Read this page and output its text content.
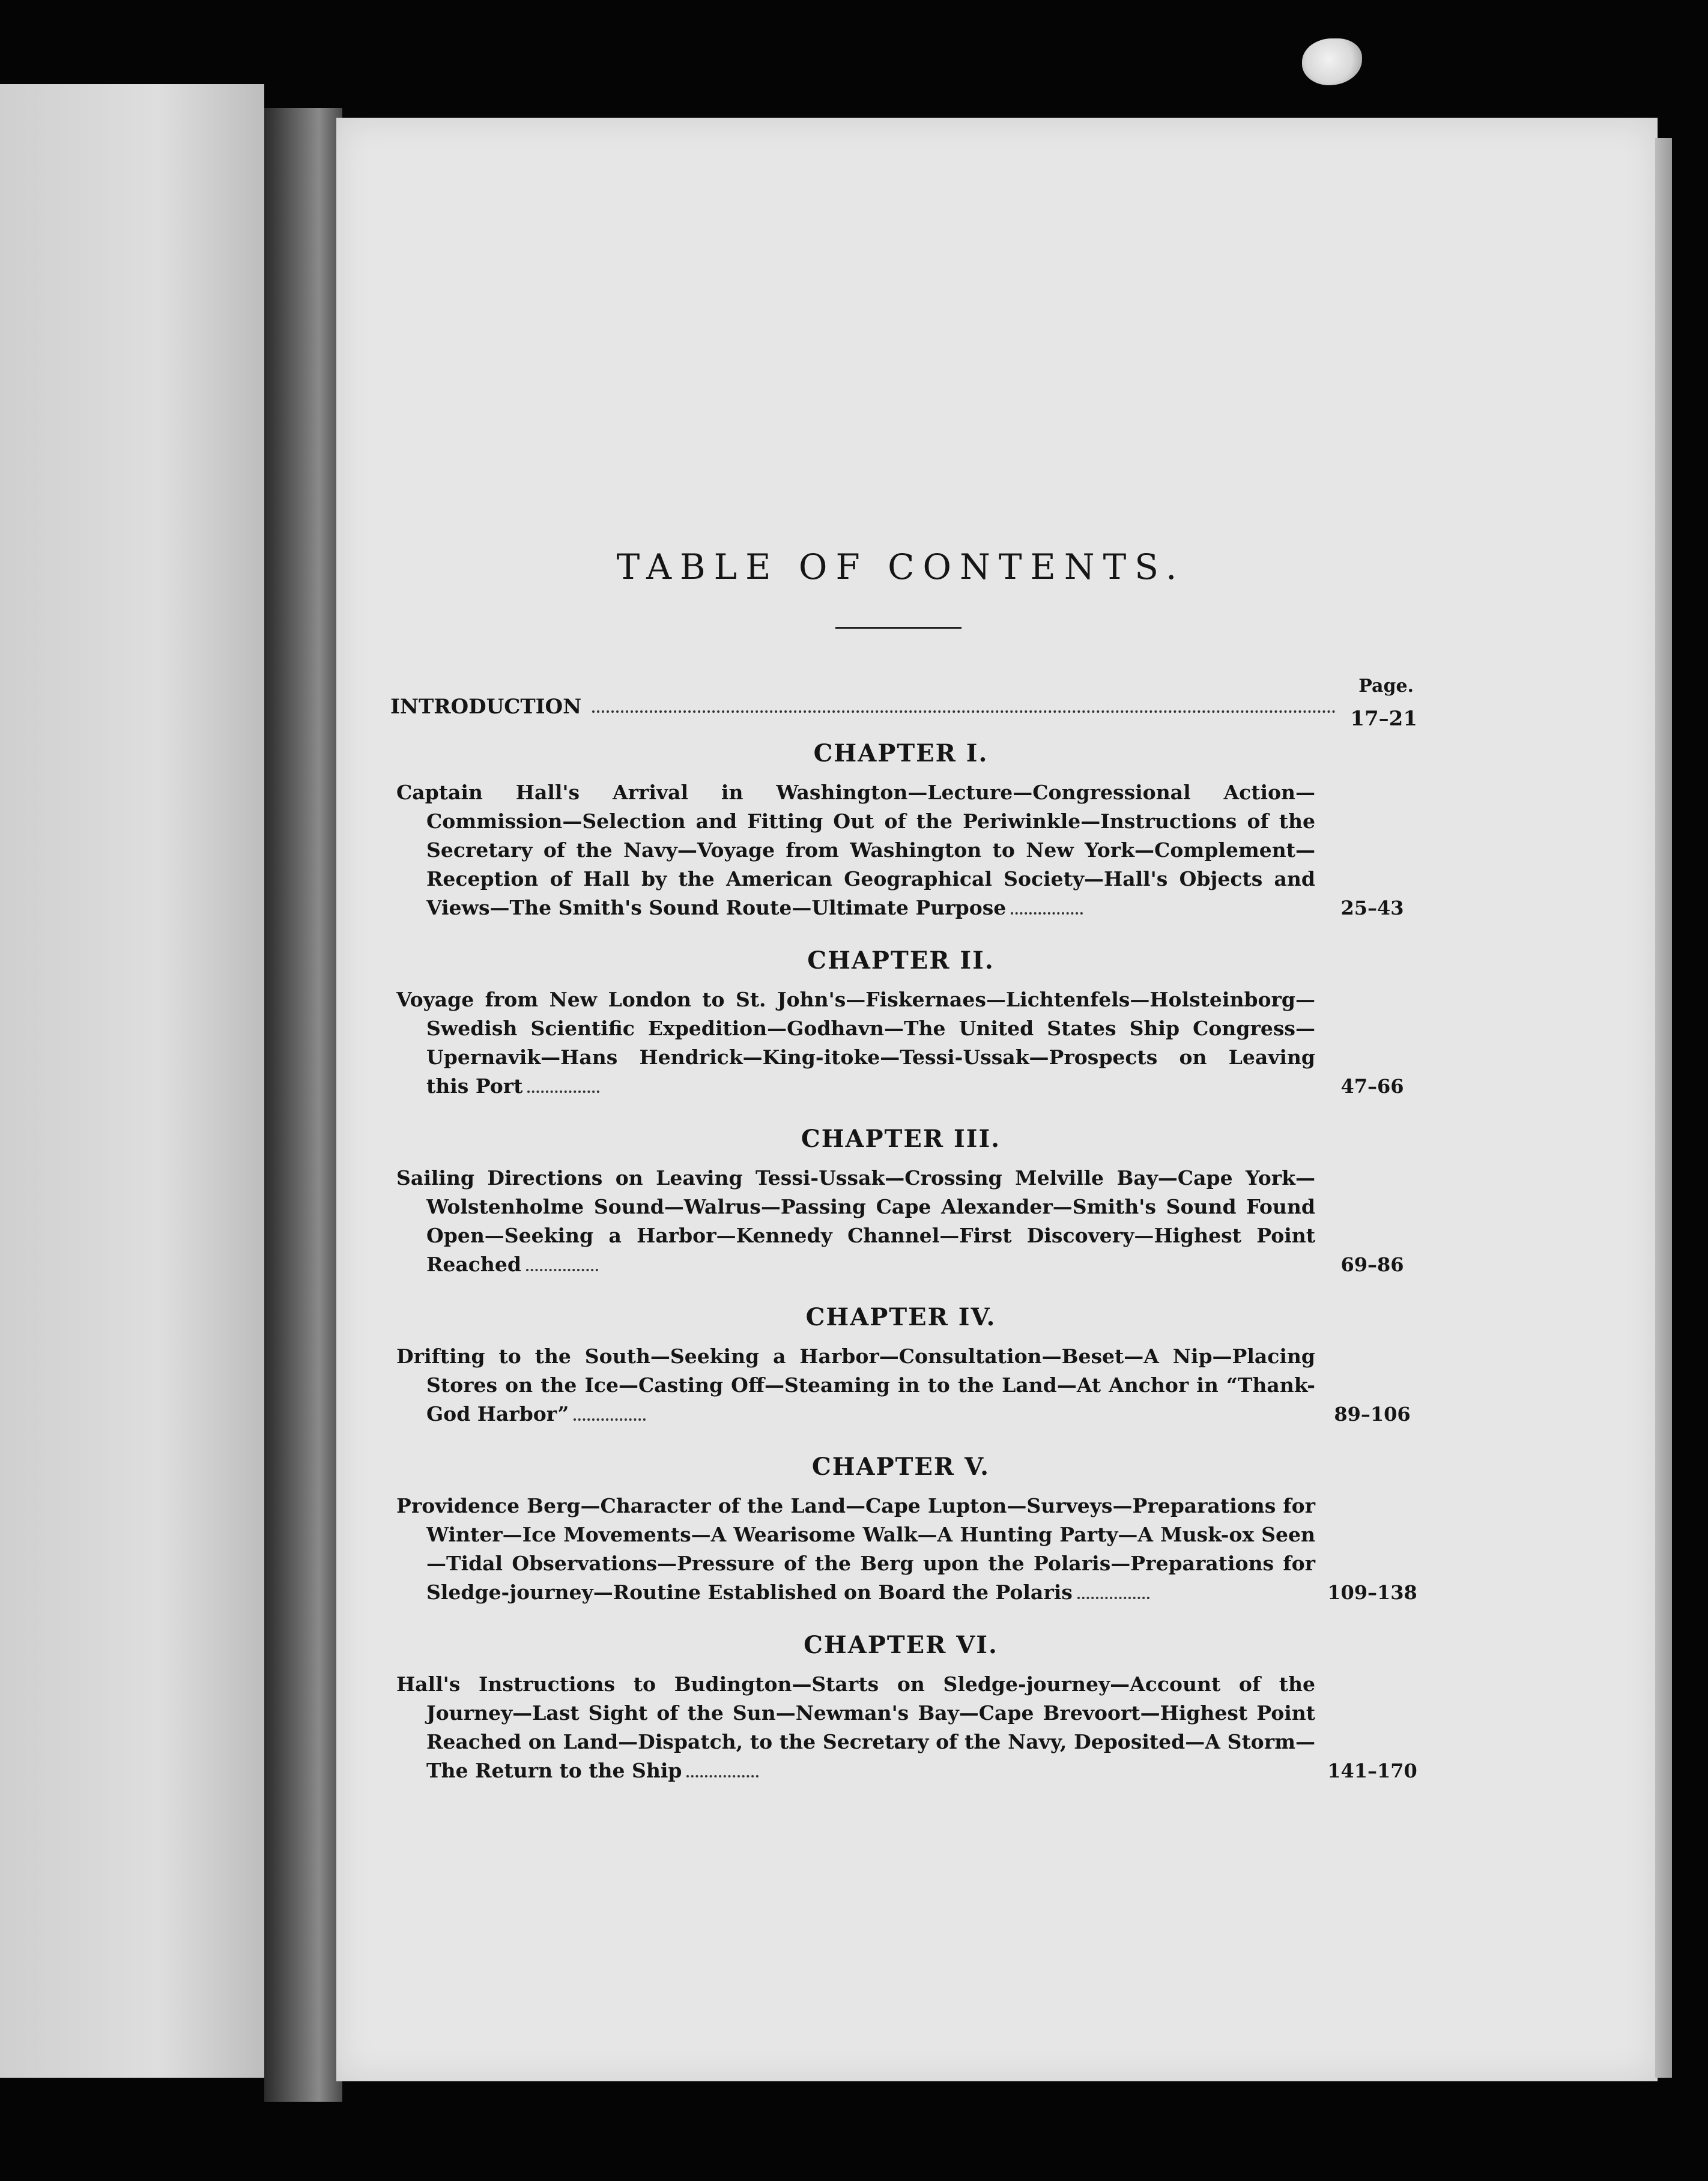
TABLE OF CONTENTS.
Page.
INTRODUCTION	17–21
CHAPTER I.
Captain Hall's Arrival in Washington—Lecture—Congressional Action—Commission—Selection and Fitting Out of the Periwinkle—Instructions of the Secretary of the Navy—Voyage from Washington to New York—Complement—Reception of Hall by the American Geographical Society—Hall's Objects and Views—The Smith's Sound Route—Ultimate Purpose	25–43
CHAPTER II.
Voyage from New London to St. John's—Fiskernaes—Lichtenfels—Holsteinborg—Swedish Scientific Expedition—Godhavn—The United States Ship Congress—Upernavik—Hans Hendrick—King-itoke—Tessi-Ussak—Prospects on Leaving this Port	47–66
CHAPTER III.
Sailing Directions on Leaving Tessi-Ussak—Crossing Melville Bay—Cape York—Wolstenholme Sound—Walrus—Passing Cape Alexander—Smith's Sound Found Open—Seeking a Harbor—Kennedy Channel—First Discovery—Highest Point Reached	69–86
CHAPTER IV.
Drifting to the South—Seeking a Harbor—Consultation—Beset—A Nip—Placing Stores on the Ice—Casting Off—Steaming in to the Land—At Anchor in “Thank-God Harbor”	89–106
CHAPTER V.
Providence Berg—Character of the Land—Cape Lupton—Surveys—Preparations for Winter—Ice Movements—A Wearisome Walk—A Hunting Party—A Musk-ox Seen—Tidal Observations—Pressure of the Berg upon the Polaris—Preparations for Sledge-journey—Routine Established on Board the Polaris	109–138
CHAPTER VI.
Hall's Instructions to Budington—Starts on Sledge-journey—Account of the Journey—Last Sight of the Sun—Newman's Bay—Cape Brevoort—Highest Point Reached on Land—Dispatch, to the Secretary of the Navy, Deposited—A Storm—The Return to the Ship	141–170
